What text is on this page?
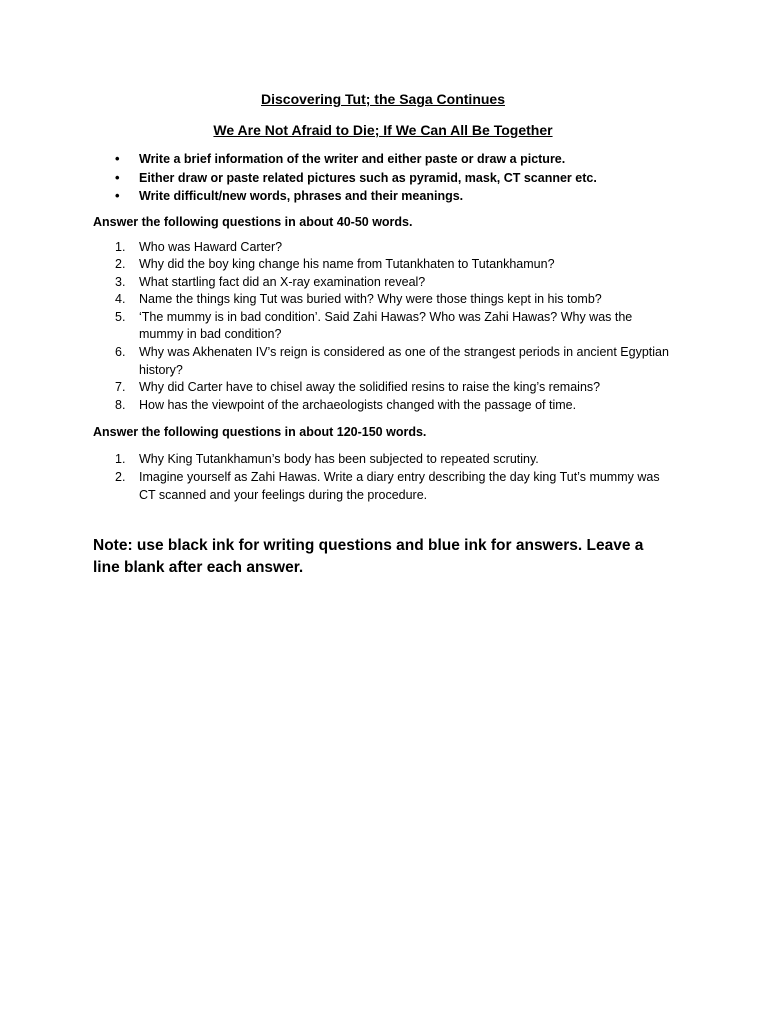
Discovering Tut; the Saga Continues

We Are Not Afraid to Die; If We Can All Be Together

• Write a brief information of the writer and either paste or draw a picture.
• Either draw or paste related pictures such as pyramid, mask, CT scanner etc.
• Write difficult/new words, phrases and their meanings.

Answer the following questions in about 40-50 words.

1. Who was Haward Carter?
2. Why did the boy king change his name from Tutankhaten to Tutankhamun?
3. What startling fact did an X-ray examination reveal?
4. Name the things king Tut was buried with? Why were those things kept in his tomb?
5. ‘The mummy is in bad condition’. Said Zahi Hawas? Who was Zahi Hawas? Why was the mummy in bad condition?
6. Why was Akhenaten IV’s reign is considered as one of the strangest periods in ancient Egyptian history?
7. Why did Carter have to chisel away the solidified resins to raise the king’s remains?
8. How has the viewpoint of the archaeologists changed with the passage of time.

Answer the following questions in about 120-150 words.

1. Why King Tutankhamun’s body has been subjected to repeated scrutiny.
2. Imagine yourself as Zahi Hawas. Write a diary entry describing the day king Tut’s mummy was CT scanned and your feelings during the procedure.

Note: use black ink for writing questions and blue ink for answers. Leave a line blank after each answer.
